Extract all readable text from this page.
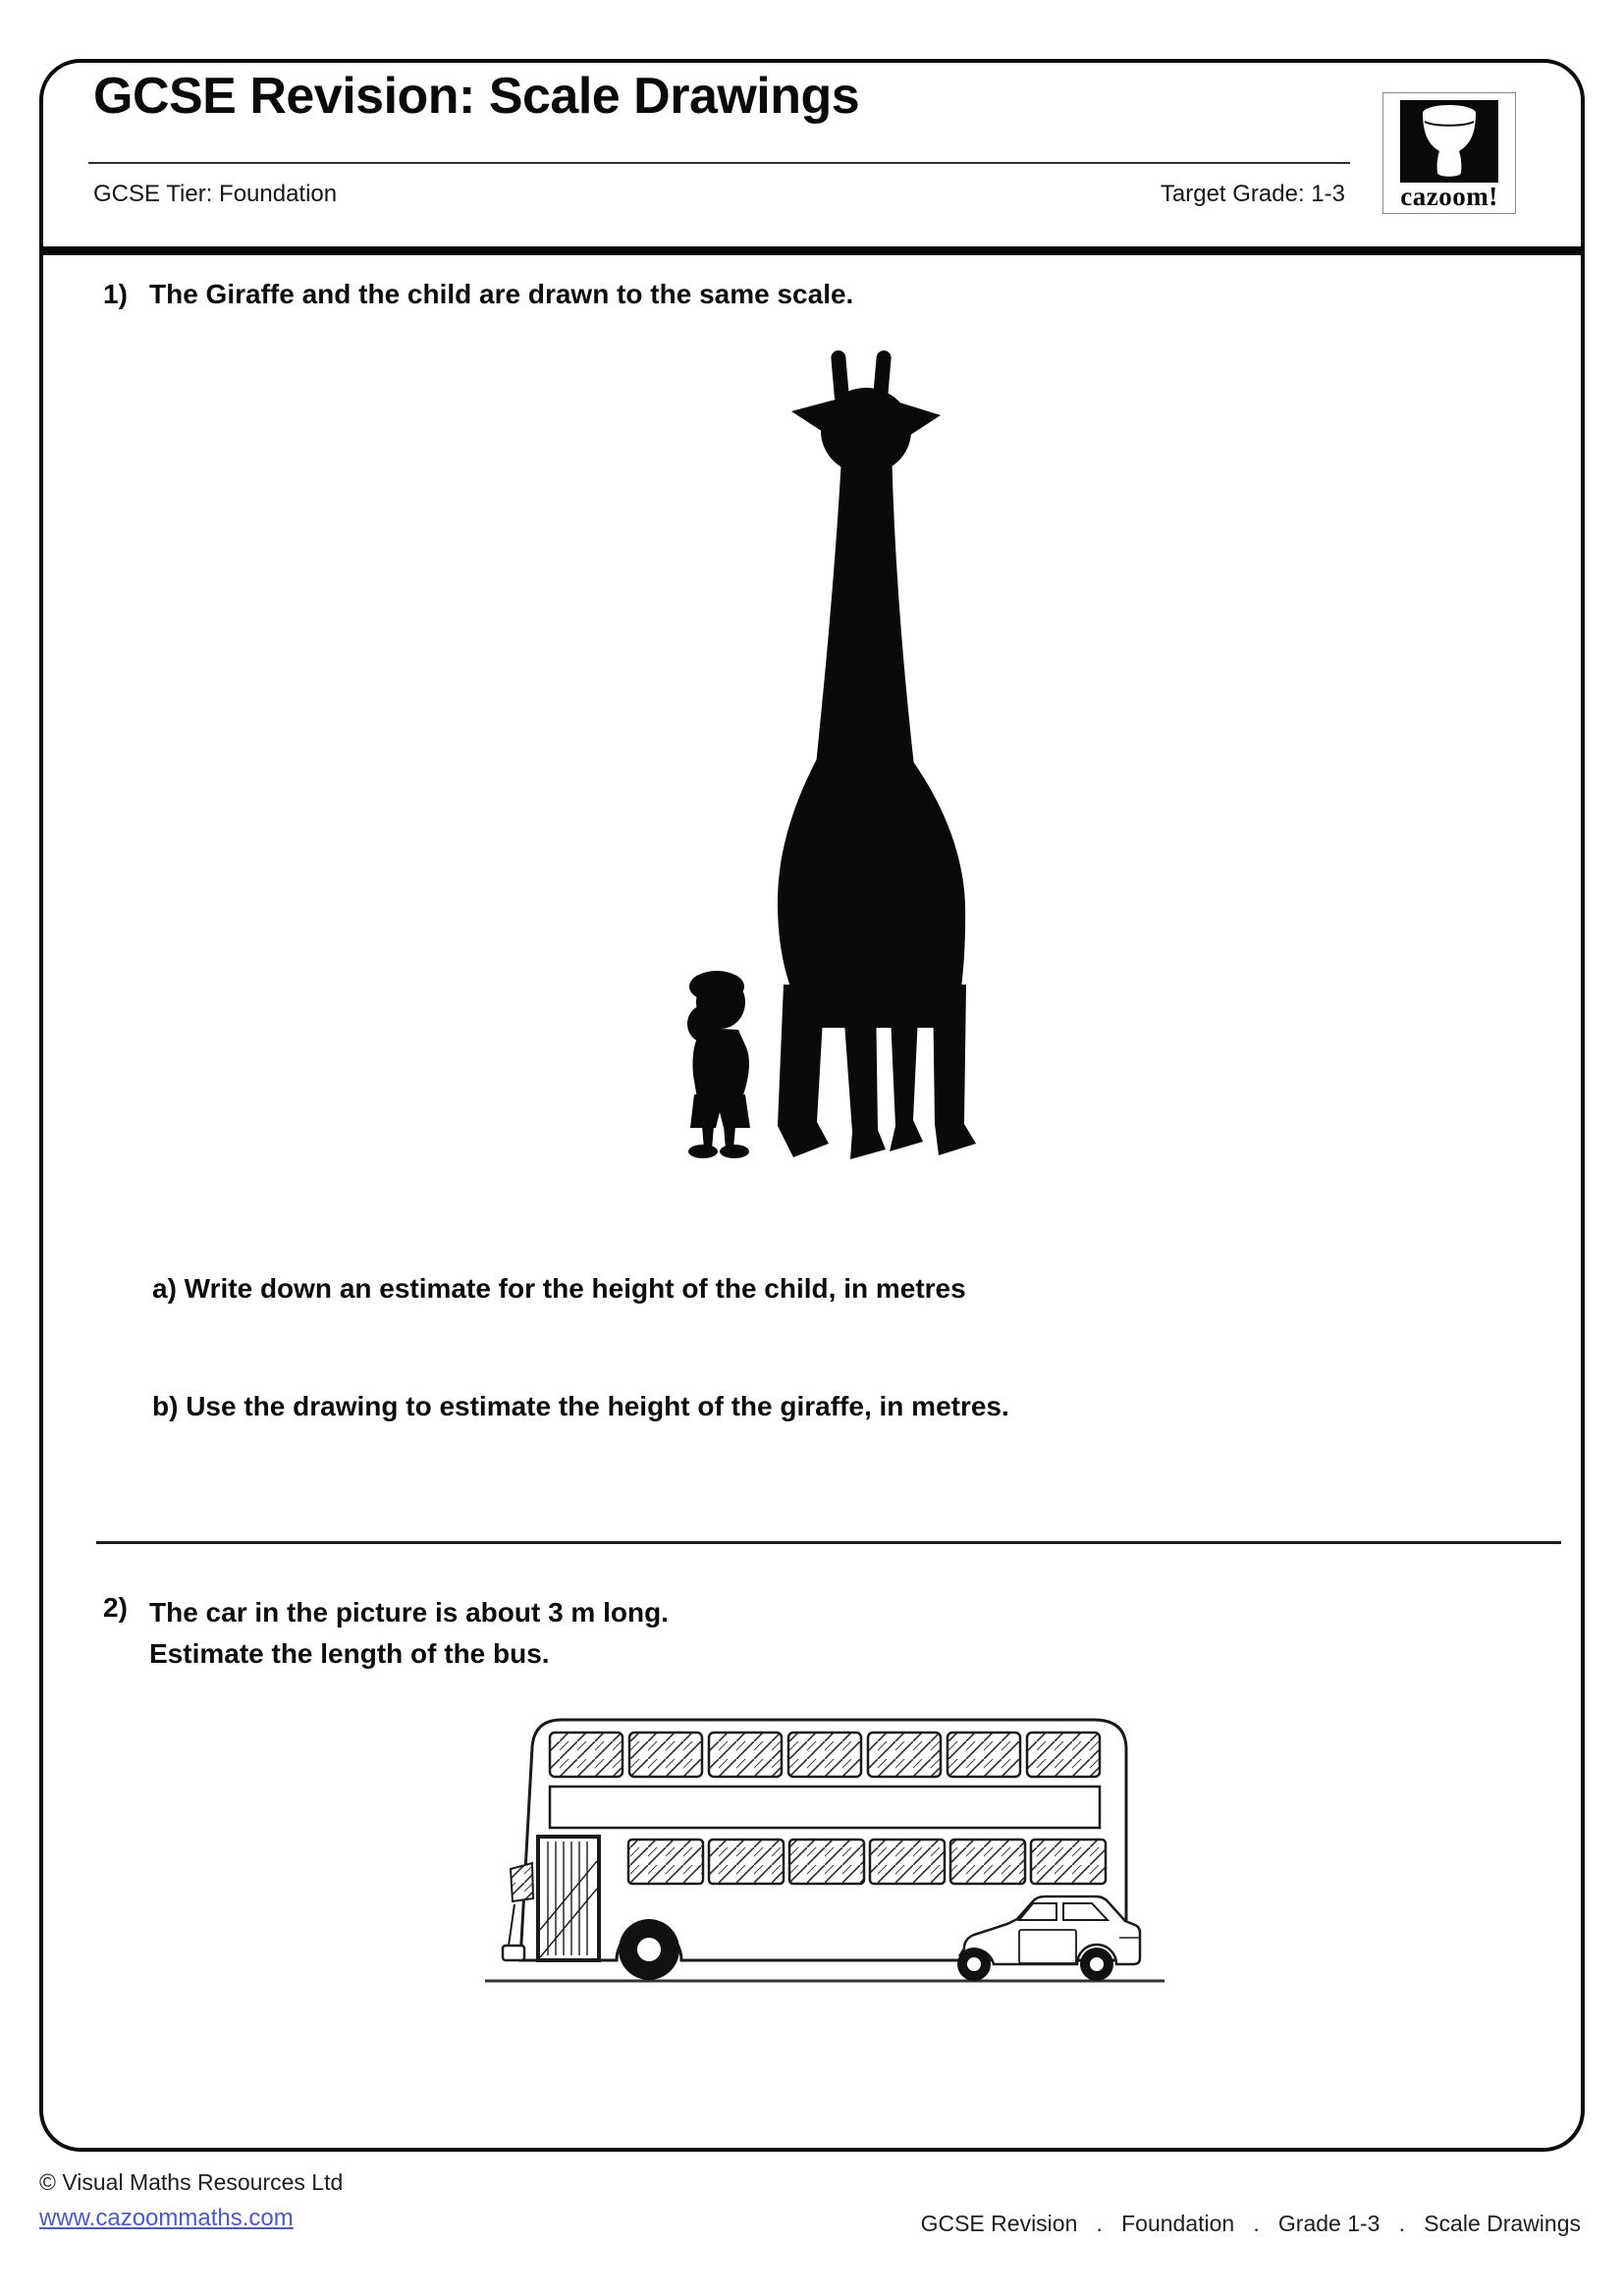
GCSE Revision: Scale Drawings
GCSE Tier: Foundation	Target Grade: 1-3 cazoom!
1) The Giraffe and the child are drawn to the same scale.
a) Write down an estimate for the height of the child, in metres
b) Use the drawing to estimate the height of the giraffe, in metres.
2) The car in the picture is about 3 m long.
Estimate the length of the bus.
© Visual Maths Resources Ltd
www.cazoommaths.com	GCSE Revision   .   Foundation   .   Grade 1-3   .   Scale Drawings
